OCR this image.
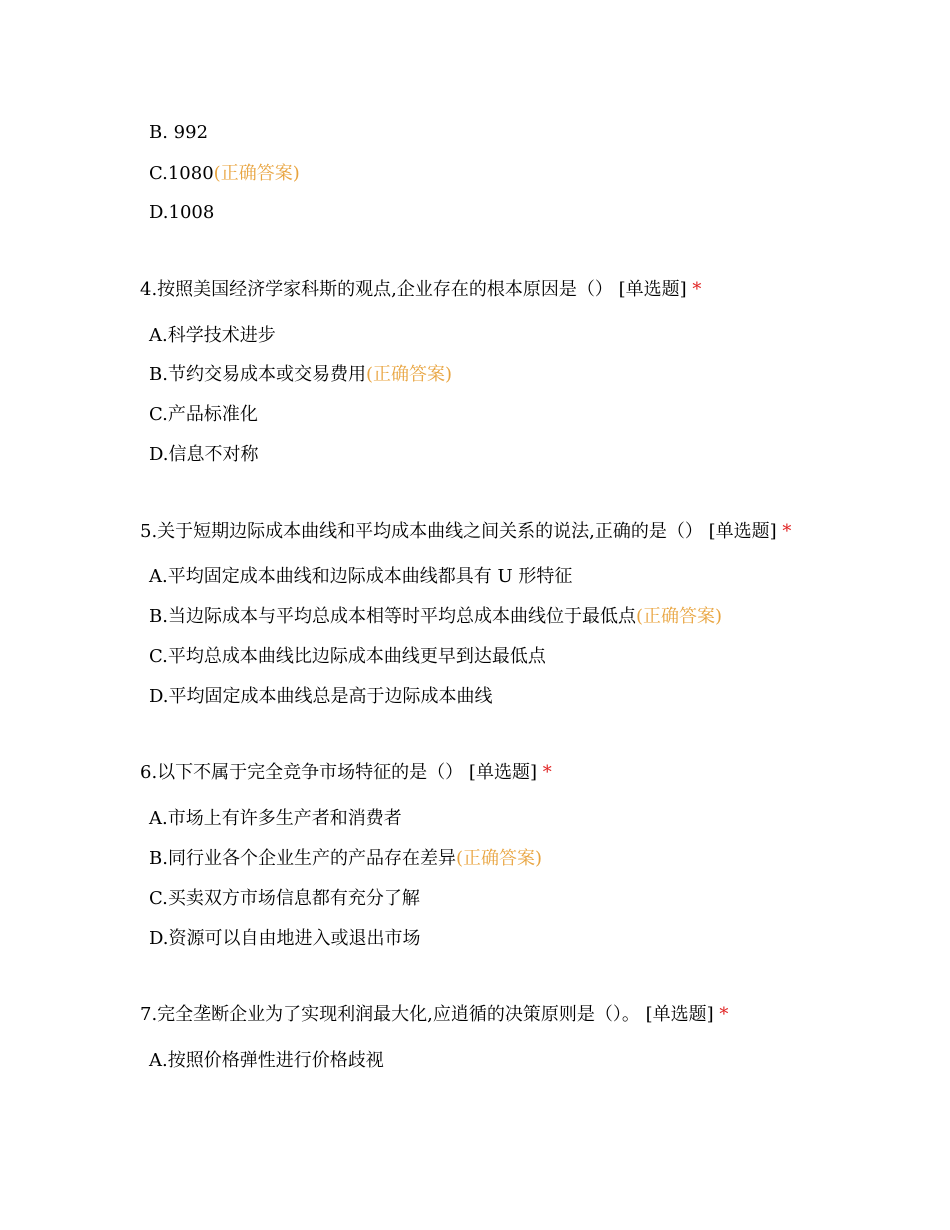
B. 992
C.1080(正确答案)
D.1008
4.按照美国经济学家科斯的观点,企业存在的根本原因是（） [单选题] *
A.科学技术进步
B.节约交易成本或交易费用(正确答案)
C.产品标准化
D.信息不对称
5.关于短期边际成本曲线和平均成本曲线之间关系的说法,正确的是（） [单选题] *
A.平均固定成本曲线和边际成本曲线都具有 U 形特征
B.当边际成本与平均总成本相等时平均总成本曲线位于最低点(正确答案)
C.平均总成本曲线比边际成本曲线更早到达最低点
D.平均固定成本曲线总是高于边际成本曲线
6.以下不属于完全竞争市场特征的是（） [单选题] *
A.市场上有许多生产者和消费者
B.同行业各个企业生产的产品存在差异(正确答案)
C.买卖双方市场信息都有充分了解
D.资源可以自由地进入或退出市场
7.完全垄断企业为了实现利润最大化,应逍循的决策原则是（）。 [单选题] *
A.按照价格弹性进行价格歧视
